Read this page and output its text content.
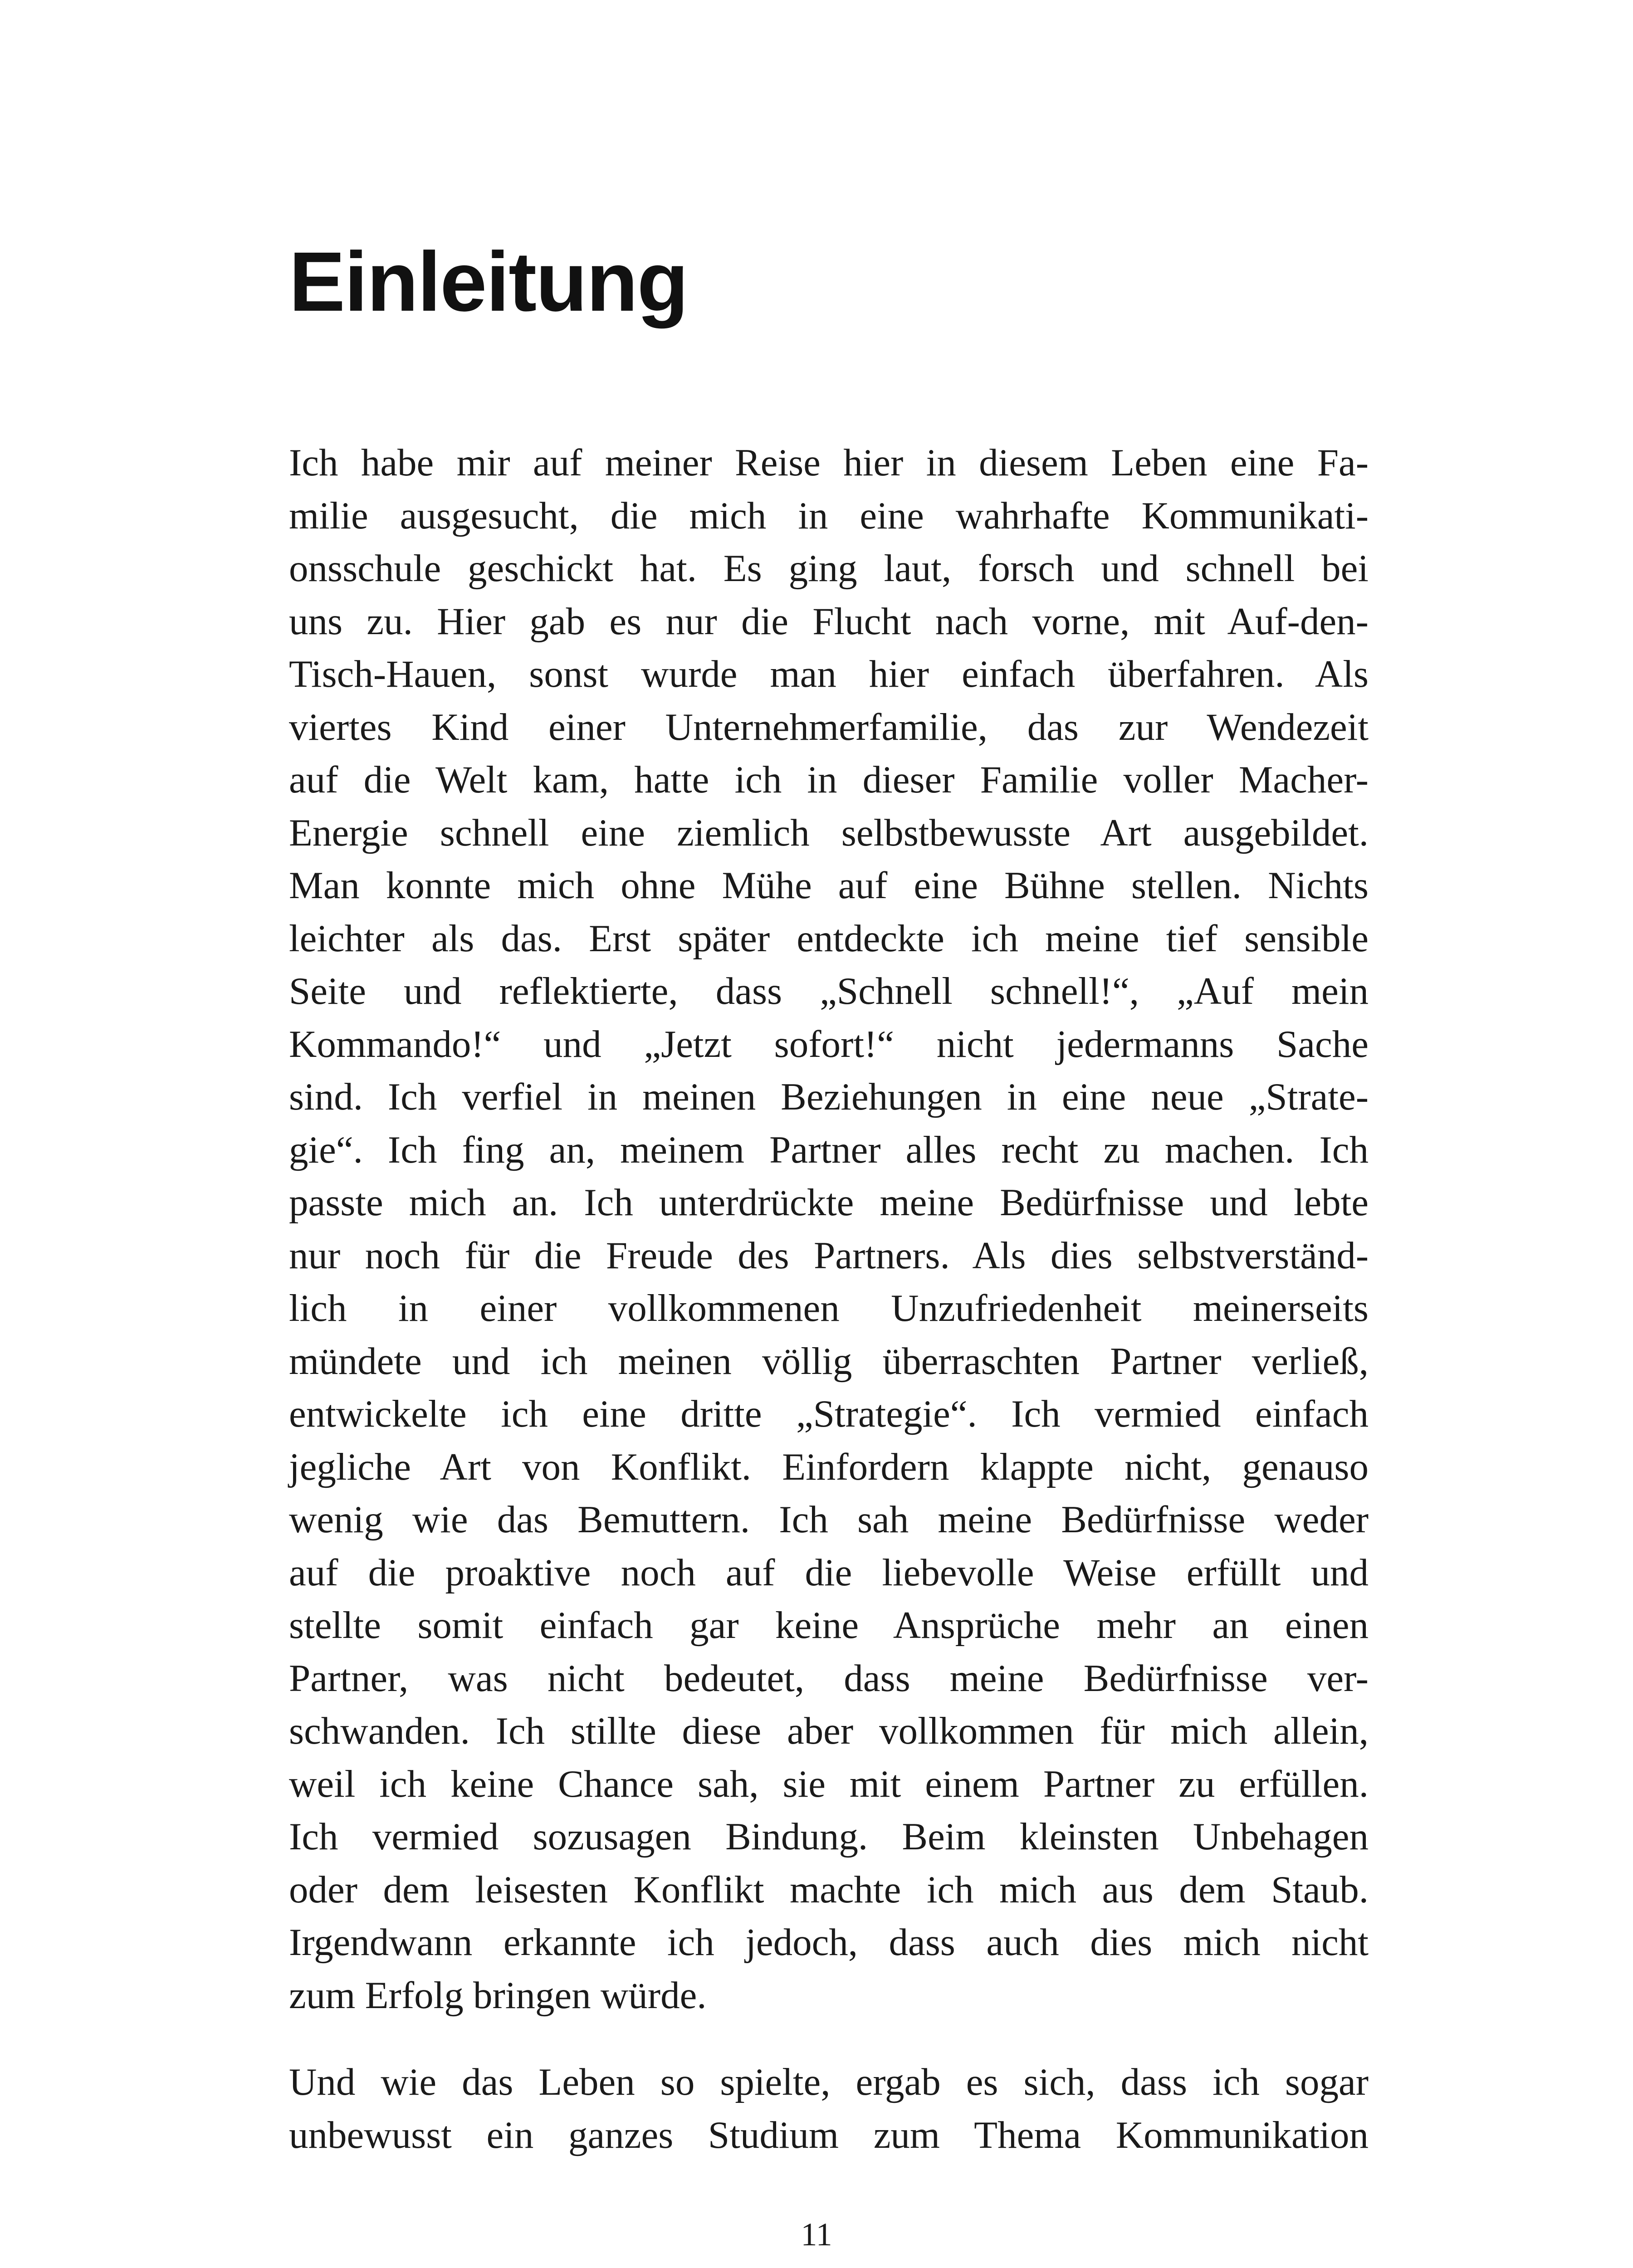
Einleitung
Ich habe mir auf meiner Reise hier in diesem Leben eine Fa-
milie ausgesucht, die mich in eine wahrhafte Kommunikati-
onsschule geschickt hat. Es ging laut, forsch und schnell bei
uns zu. Hier gab es nur die Flucht nach vorne, mit Auf-den-
Tisch-Hauen, sonst wurde man hier einfach überfahren. Als
viertes Kind einer Unternehmerfamilie, das zur Wendezeit
auf die Welt kam, hatte ich in dieser Familie voller Macher-
Energie schnell eine ziemlich selbstbewusste Art ausgebildet.
Man konnte mich ohne Mühe auf eine Bühne stellen. Nichts
leichter als das. Erst später entdeckte ich meine tief sensible
Seite und reflektierte, dass „Schnell schnell!“, „Auf mein
Kommando!“ und „Jetzt sofort!“ nicht jedermanns Sache
sind. Ich verfiel in meinen Beziehungen in eine neue „Strate-
gie“. Ich fing an, meinem Partner alles recht zu machen. Ich
passte mich an. Ich unterdrückte meine Bedürfnisse und lebte
nur noch für die Freude des Partners. Als dies selbstverständ-
lich in einer vollkommenen Unzufriedenheit meinerseits
mündete und ich meinen völlig überraschten Partner verließ,
entwickelte ich eine dritte „Strategie“. Ich vermied einfach
jegliche Art von Konflikt. Einfordern klappte nicht, genauso
wenig wie das Bemuttern. Ich sah meine Bedürfnisse weder
auf die proaktive noch auf die liebevolle Weise erfüllt und
stellte somit einfach gar keine Ansprüche mehr an einen
Partner, was nicht bedeutet, dass meine Bedürfnisse ver-
schwanden. Ich stillte diese aber vollkommen für mich allein,
weil ich keine Chance sah, sie mit einem Partner zu erfüllen.
Ich vermied sozusagen Bindung. Beim kleinsten Unbehagen
oder dem leisesten Konflikt machte ich mich aus dem Staub.
Irgendwann erkannte ich jedoch, dass auch dies mich nicht
zum Erfolg bringen würde.
Und wie das Leben so spielte, ergab es sich, dass ich sogar
unbewusst ein ganzes Studium zum Thema Kommunikation
11
